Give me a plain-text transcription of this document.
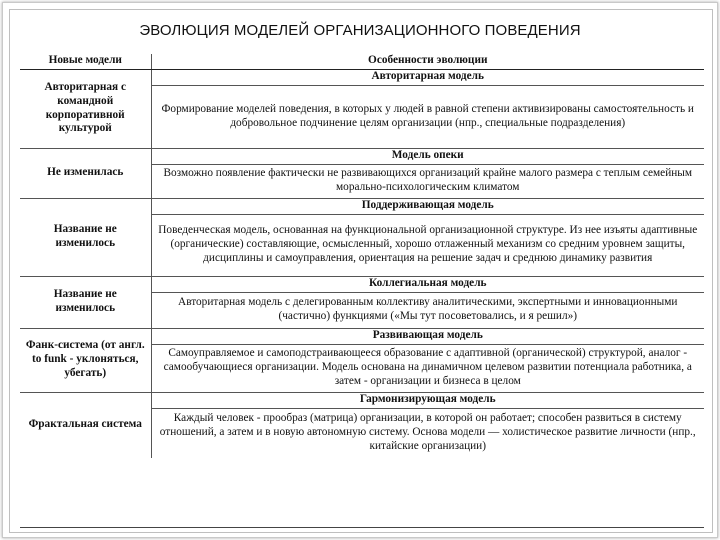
ЭВОЛЮЦИЯ МОДЕЛЕЙ ОРГАНИЗАЦИОННОГО ПОВЕДЕНИЯ
Новые модели	Особенности эволюции
Авторитарная с командной корпоративной культурой	Авторитарная модель
	Формирование моделей поведения, в которых у людей в равной степени активизированы самостоятельность и добровольное подчинение целям организации (нпр., специальные подразделения)
Не изменилась	Модель опеки
	Возможно появление фактически не развивающихся организаций крайне малого размера с теплым семейным морально-психологическим климатом
Название не изменилось	Поддерживающая модель
	Поведенческая модель, основанная на функциональной организационной структуре. Из нее изъяты адаптивные (органические) составляющие, осмысленный, хорошо отлаженный механизм со средним уровнем защиты, дисциплины и самоуправления, ориентация на решение задач и среднюю динамику развития
Название не изменилось	Коллегиальная модель
	Авторитарная модель с делегированным коллективу аналитическими, экспертными и инновационными (частично) функциями («Мы тут посоветовались, и я решил»)
Фанк-система (от англ. to funk - уклоняться, убегать)	Развивающая модель
	Самоуправляемое и самоподстраивающееся образование с адаптивной (органической) структурой, аналог - самообучающиеся организации. Модель основана на динамичном целевом развитии потенциала работника, а затем - организации и бизнеса в целом
Фрактальная система	Гармонизирующая модель
	Каждый человек - прообраз (матрица) организации, в которой он работает; способен развиться в систему отношений, а затем и в новую автономную систему. Основа модели — холистическое развитие личности (нпр., китайские организации)
